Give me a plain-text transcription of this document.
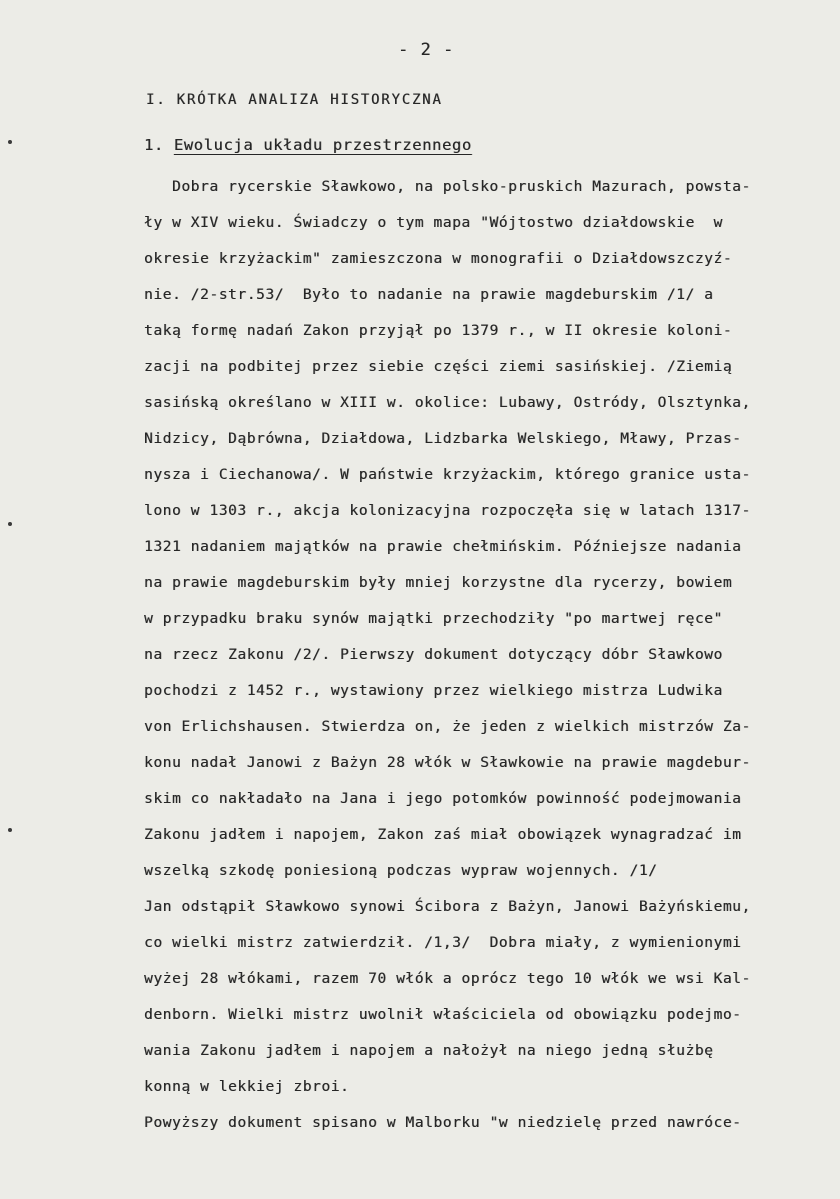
- 2 -
I. KRÓTKA ANALIZA HISTORYCZNA
1. Ewolucja układu przestrzennego
Dobra rycerskie Sławkowo, na polsko-pruskich Mazurach, powsta-
ły w XIV wieku. Świadczy o tym mapa "Wójtostwo działdowskie  w
okresie krzyżackim" zamieszczona w monografii o Działdowszczyź-
nie. /2-str.53/  Było to nadanie na prawie magdeburskim /1/ a
taką formę nadań Zakon przyjął po 1379 r., w II okresie koloni-
zacji na podbitej przez siebie części ziemi sasińskiej. /Ziemią
sasińską określano w XIII w. okolice: Lubawy, Ostródy, Olsztynka,
Nidzicy, Dąbrówna, Działdowa, Lidzbarka Welskiego, Mławy, Przas-
nysza i Ciechanowa/. W państwie krzyżackim, którego granice usta-
lono w 1303 r., akcja kolonizacyjna rozpoczęła się w latach 1317-
1321 nadaniem majątków na prawie chełmińskim. Późniejsze nadania
na prawie magdeburskim były mniej korzystne dla rycerzy, bowiem
w przypadku braku synów majątki przechodziły "po martwej ręce"
na rzecz Zakonu /2/. Pierwszy dokument dotyczący dóbr Sławkowo
pochodzi z 1452 r., wystawiony przez wielkiego mistrza Ludwika
von Erlichshausen. Stwierdza on, że jeden z wielkich mistrzów Za-
konu nadał Janowi z Bażyn 28 włók w Sławkowie na prawie magdebur-
skim co nakładało na Jana i jego potomków powinność podejmowania
Zakonu jadłem i napojem, Zakon zaś miał obowiązek wynagradzać im
wszelką szkodę poniesioną podczas wypraw wojennych. /1/
Jan odstąpił Sławkowo synowi Ścibora z Bażyn, Janowi Bażyńskiemu,
co wielki mistrz zatwierdził. /1,3/  Dobra miały, z wymienionymi
wyżej 28 włókami, razem 70 włók a oprócz tego 10 włók we wsi Kal-
denborn. Wielki mistrz uwolnił właściciela od obowiązku podejmo-
wania Zakonu jadłem i napojem a nałożył na niego jedną służbę
konną w lekkiej zbroi.
Powyższy dokument spisano w Malborku "w niedzielę przed nawróce-
